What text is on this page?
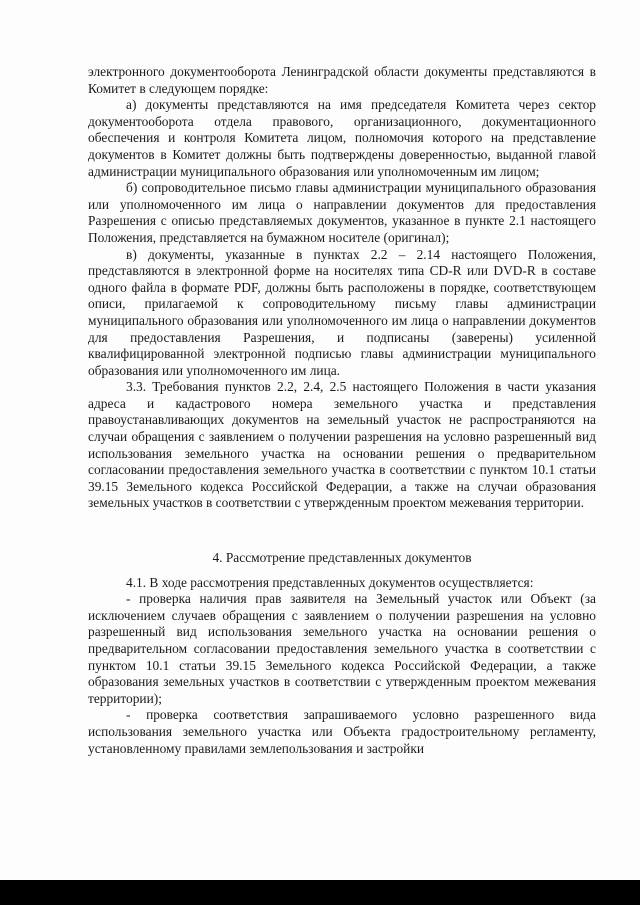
электронного документооборота Ленинградской области документы представляются в Комитет в следующем порядке:

а) документы представляются на имя председателя Комитета через сектор документооборота отдела правового, организационного, документационного обеспечения и контроля Комитета лицом, полномочия которого на представление документов в Комитет должны быть подтверждены доверенностью, выданной главой администрации муниципального образования или уполномоченным им лицом;

б) сопроводительное письмо главы администрации муниципального образования или уполномоченного им лица о направлении документов для предоставления Разрешения с описью представляемых документов, указанное в пункте 2.1 настоящего Положения, представляется на бумажном носителе (оригинал);

в) документы, указанные в пунктах 2.2 – 2.14 настоящего Положения, представляются в электронной форме на носителях типа CD-R или DVD-R в составе одного файла в формате PDF, должны быть расположены в порядке, соответствующем описи, прилагаемой к сопроводительному письму главы администрации муниципального образования или уполномоченного им лица о направлении документов для предоставления Разрешения, и подписаны (заверены) усиленной квалифицированной электронной подписью главы администрации муниципального образования или уполномоченного им лица.

3.3. Требования пунктов 2.2, 2.4, 2.5 настоящего Положения в части указания адреса и кадастрового номера земельного участка и представления правоустанавливающих документов на земельный участок не распространяются на случаи обращения с заявлением о получении разрешения на условно разрешенный вид использования земельного участка на основании решения о предварительном согласовании предоставления земельного участка в соответствии с пунктом 10.1 статьи 39.15 Земельного кодекса Российской Федерации, а также на случаи образования земельных участков в соответствии с утвержденным проектом межевания территории.

4. Рассмотрение представленных документов

4.1. В ходе рассмотрения представленных документов осуществляется:

- проверка наличия прав заявителя на Земельный участок или Объект (за исключением случаев обращения с заявлением о получении разрешения на условно разрешенный вид использования земельного участка на основании решения о предварительном согласовании предоставления земельного участка в соответствии с пунктом 10.1 статьи 39.15 Земельного кодекса Российской Федерации, а также образования земельных участков в соответствии с утвержденным проектом межевания территории);

- проверка соответствия запрашиваемого условно разрешенного вида использования земельного участка или Объекта градостроительному регламенту, установленному правилами землепользования и застройки
